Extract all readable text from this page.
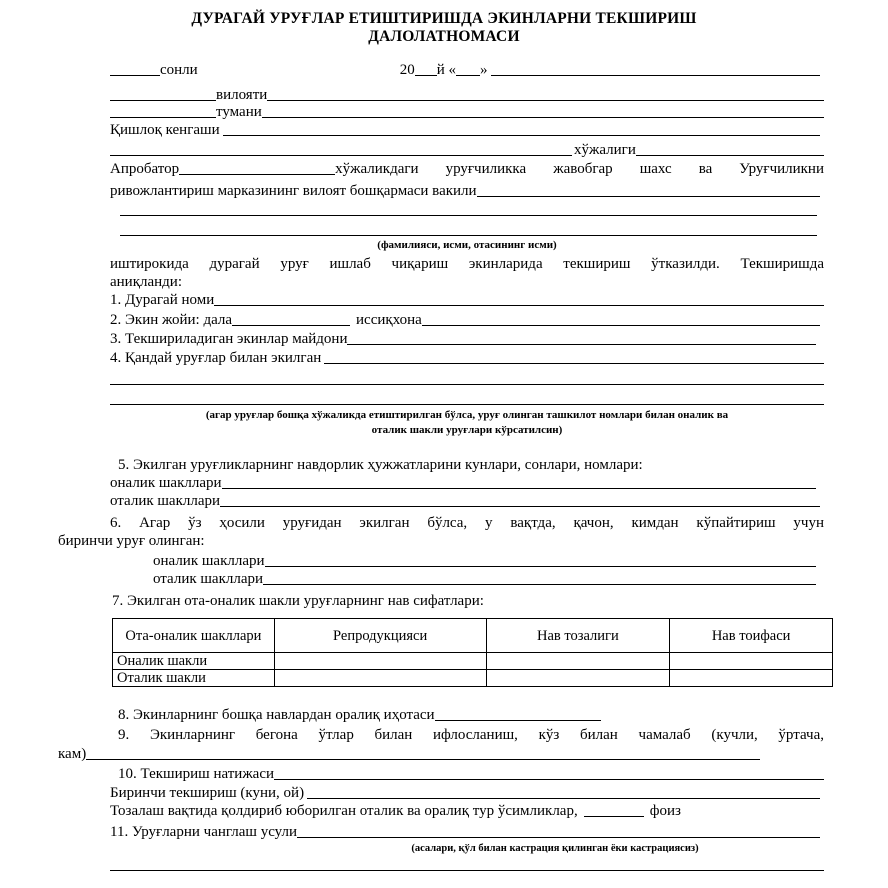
ДУРАГАЙ УРУҒЛАР ЕТИШТИРИШДА ЭКИНЛАРНИ ТЕКШИРИШ
ДАЛОЛАТНОМАСИ
сонли	20 й « »
вилояти
тумани
Қишлоқ кенгаши
хўжалиги
Апробатор	хўжаликдаги уруғчиликка жавобгар шахс ва Уруғчиликни
ривожлантириш марказининг вилоят бошқармаси вакили
(фамилияси, исми, отасининг исми)
иштирокида дурагай уруғ ишлаб чиқариш экинларида текшириш ўтказилди. Текширишда
аниқланди:
1. Дурагай номи
2. Экин жойи: дала	иссиқхона
3. Текшириладиган экинлар майдони
4. Қандай уруғлар билан экилган
(агар уруғлар бошқа хўжаликда етиштирилган бўлса, уруғ олинган ташкилот номлари билан оналик ва
оталик шакли уруғлари кўрсатилсин)
5. Экилган уруғликларнинг навдорлик ҳужжатларини кунлари, сонлари, номлари:
оналик шакллари
оталик шакллари
6. Агар ўз ҳосили уруғидан экилган бўлса, у вақтда, қачон, кимдан кўпайтириш учун
биринчи уруғ олинган:
оналик шакллари
оталик шакллари
7. Экилган ота-оналик шакли уруғларнинг нав сифатлари:
Ота-оналик шакллари	Репродукцияси	Нав тозалиги	Нав тоифаси
Оналик шакли			
Оталик шакли			
8. Экинларнинг бошқа навлардан оралиқ иҳотаси
9. Экинларнинг бегона ўтлар билан ифлосланиш, кўз билан чамалаб (кучли, ўртача,
кам)
10. Текшириш натижаси
Биринчи текшириш (куни, ой)
Тозалаш вақтида қолдириб юборилган оталик ва оралиқ тур ўсимликлар,	фоиз
11. Уруғларни чанглаш усули
(асалари, қўл билан кастрация қилинган ёки кастрациясиз)
